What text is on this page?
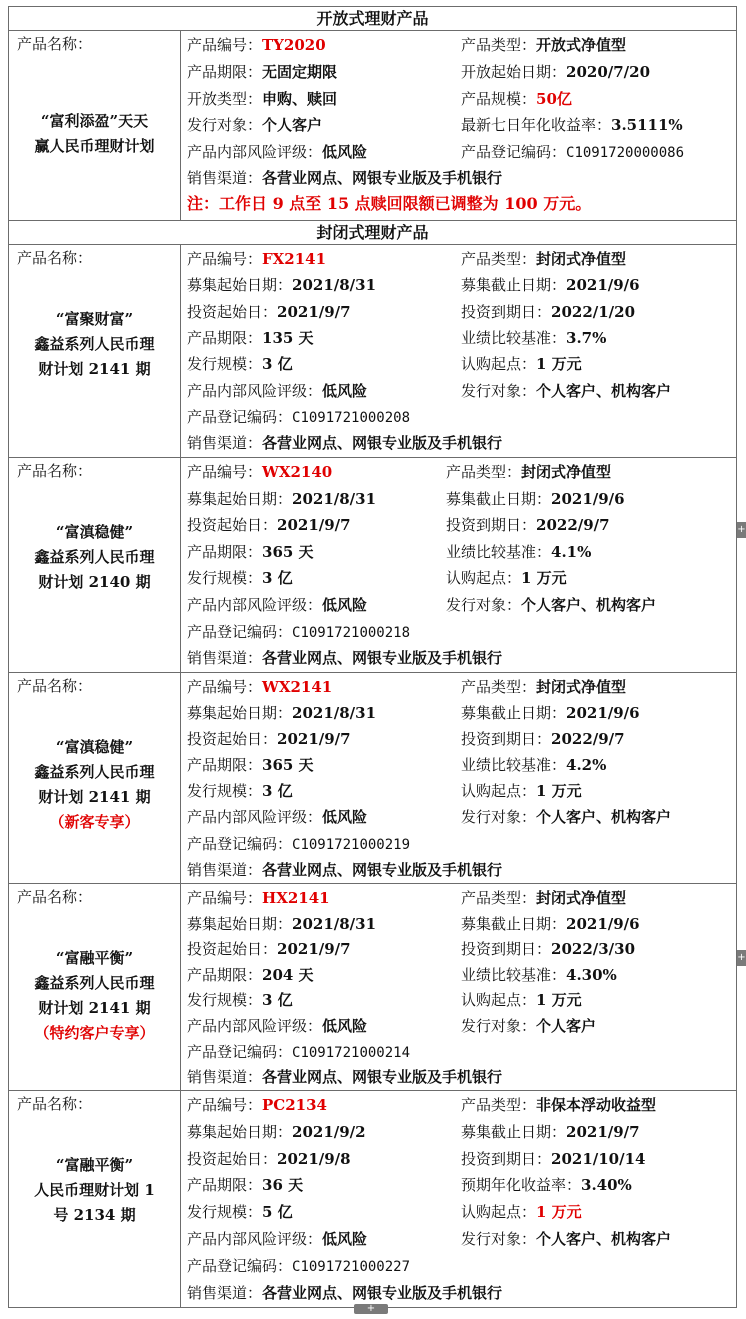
开放式理财产品

产品名称：
“富利添盈”天天
赢人民币理财计划

产品编号：TY2020	产品类型：开放式净值型
产品期限：无固定期限	开放起始日期：2020/7/20
开放类型：申购、赎回	产品规模：50亿
发行对象：个人客户	最新七日年化收益率：3.5111%
产品内部风险评级：低风险	产品登记编码：C1091720000086
销售渠道：各营业网点、网银专业版及手机银行
注：工作日 9 点至 15 点赎回限额已调整为 100 万元。

封闭式理财产品
产品名称：
“富聚财富”
鑫益系列人民币理
财计划 2141 期

产品编号：FX2141	产品类型：封闭式净值型
募集起始日期：2021/8/31	募集截止日期：2021/9/6
投资起始日：2021/9/7	投资到期日：2022/1/20
产品期限：135 天	业绩比较基准：3.7%
发行规模：3 亿	认购起点：1 万元
产品内部风险评级：低风险	发行对象：个人客户、机构客户
产品登记编码：C1091721000208
销售渠道：各营业网点、网银专业版及手机银行
产品名称：
“富滇稳健”
鑫益系列人民币理
财计划 2140 期

产品编号：WX2140	产品类型：封闭式净值型
募集起始日期：2021/8/31	募集截止日期：2021/9/6
投资起始日：2021/9/7	投资到期日：2022/9/7
产品期限：365 天	业绩比较基准：4.1%
发行规模：3 亿	认购起点：1 万元
产品内部风险评级：低风险	发行对象：个人客户、机构客户
产品登记编码：C1091721000218
销售渠道：各营业网点、网银专业版及手机银行
产品名称：
“富滇稳健”
鑫益系列人民币理
财计划 2141 期
（新客专享）

产品编号：WX2141	产品类型：封闭式净值型
募集起始日期：2021/8/31	募集截止日期：2021/9/6
投资起始日：2021/9/7	投资到期日：2022/9/7
产品期限：365 天	业绩比较基准：4.2%
发行规模：3 亿	认购起点：1 万元
产品内部风险评级：低风险	发行对象：个人客户、机构客户
产品登记编码：C1091721000219
销售渠道：各营业网点、网银专业版及手机银行
产品名称：
“富融平衡”
鑫益系列人民币理
财计划 2141 期
（特约客户专享）

产品编号：HX2141	产品类型：封闭式净值型
募集起始日期：2021/8/31	募集截止日期：2021/9/6
投资起始日：2021/9/7	投资到期日：2022/3/30
产品期限：204 天	业绩比较基准：4.30%
发行规模：3 亿	认购起点：1 万元
产品内部风险评级：低风险	发行对象：个人客户
产品登记编码：C1091721000214
销售渠道：各营业网点、网银专业版及手机银行
产品名称：
“富融平衡”
人民币理财计划 1
号 2134 期

产品编号：PC2134	产品类型：非保本浮动收益型
募集起始日期：2021/9/2	募集截止日期：2021/9/7
投资起始日：2021/9/8	投资到期日：2021/10/14
产品期限：36 天	预期年化收益率：3.40%
发行规模：5 亿	认购起点：1 万元
产品内部风险评级：低风险	发行对象：个人客户、机构客户
产品登记编码：C1091721000227
销售渠道：各营业网点、网银专业版及手机银行
+
+
+
